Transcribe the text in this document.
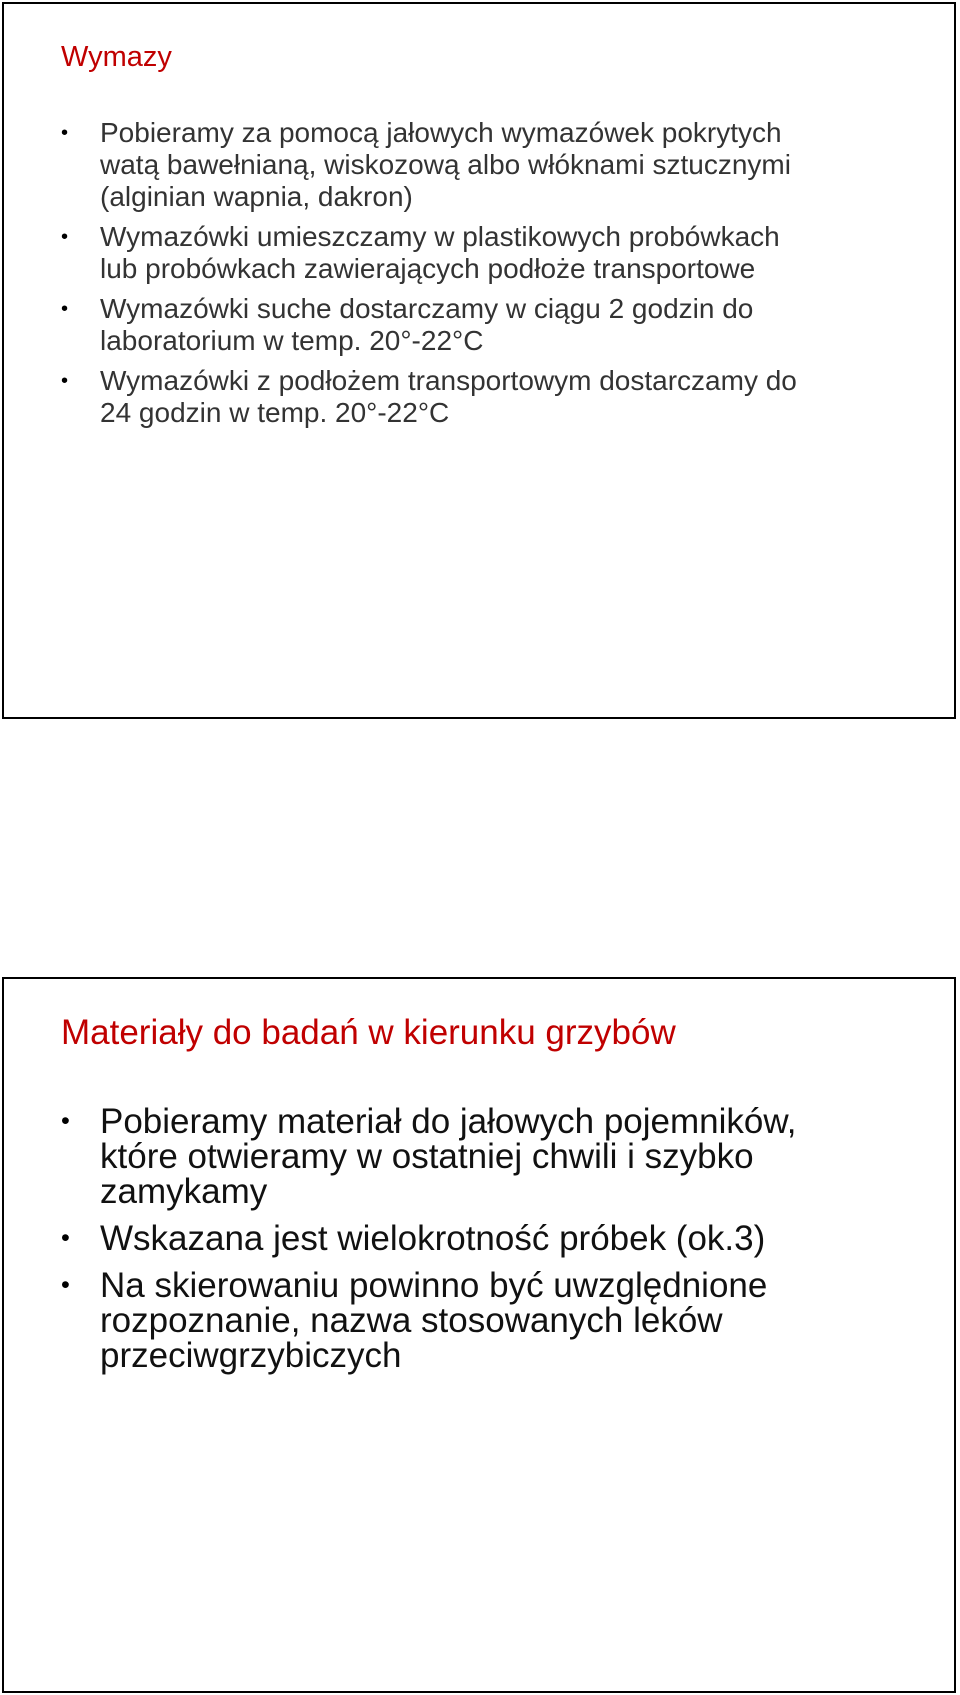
Wymazy
• Pobieramy za pomocą jałowych wymazówek pokrytych
watą bawełnianą, wiskozową albo włóknami sztucznymi
(alginian wapnia, dakron)
• Wymazówki umieszczamy w plastikowych probówkach
lub probówkach zawierających podłoże transportowe
• Wymazówki suche dostarczamy w ciągu 2 godzin do
laboratorium w temp. 20°-22°C
• Wymazówki z podłożem transportowym dostarczamy do
24 godzin w temp. 20°-22°C
Materiały do badań w kierunku grzybów
• Pobieramy materiał do jałowych pojemników,
które otwieramy w ostatniej chwili i szybko
zamykamy
• Wskazana jest wielokrotność próbek (ok.3)
• Na skierowaniu powinno być uwzględnione
rozpoznanie, nazwa stosowanych leków
przeciwgrzybiczych
